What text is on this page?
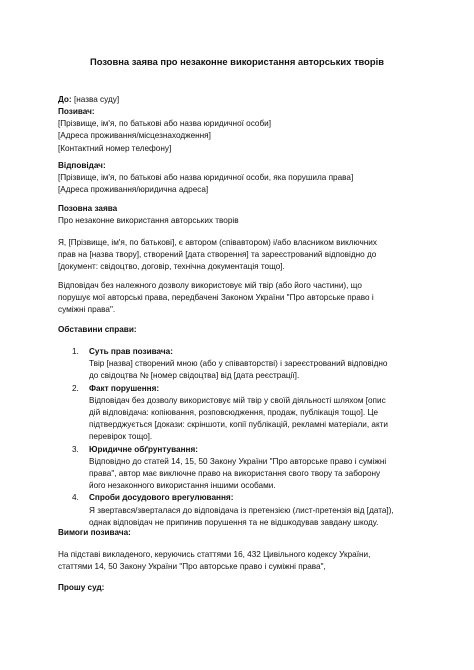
Позовна заява про незаконне використання авторських творів
До: [назва суду]
Позивач:
[Прізвище, ім'я, по батькові або назва юридичної особи]
[Адреса проживання/місцезнаходження]
[Контактний номер телефону]
Відповідач:
[Прізвище, ім'я, по батькові або назва юридичної особи, яка порушила права]
[Адреса проживання/юридична адреса]
Позовна заява
Про незаконне використання авторських творів
Я, [Прізвище, ім'я, по батькові], є автором (співавтором) і/або власником виключних
прав на [назва твору], створений [дата створення] та зареєстрований відповідно до
[документ: свідоцтво, договір, технічна документація тощо].
Відповідач без належного дозволу використовує мій твір (або його частини), що
порушує мої авторські права, передбачені Законом України "Про авторське право і
суміжні права".
Обставини справи:
1. Суть прав позивача:
Твір [назва] створений мною (або у співавторстві) і зареєстрований відповідно
до свідоцтва № [номер свідоцтва] від [дата реєстрації].
2. Факт порушення:
Відповідач без дозволу використовує мій твір у своїй діяльності шляхом [опис
дій відповідача: копіювання, розповсюдження, продаж, публікація тощо]. Це
підтверджується [докази: скріншоти, копії публікацій, рекламні матеріали, акти
перевірок тощо].
3. Юридичне обґрунтування:
Відповідно до статей 14, 15, 50 Закону України "Про авторське право і суміжні
права", автор має виключне право на використання свого твору та заборону
його незаконного використання іншими особами.
4. Спроби досудового врегулювання:
Я звертався/зверталася до відповідача із претензією (лист-претензія від [дата]),
однак відповідач не припинив порушення та не відшкодував завдану шкоду.
Вимоги позивача:
На підставі викладеного, керуючись статтями 16, 432 Цивільного кодексу України,
статтями 14, 50 Закону України "Про авторське право і суміжні права",
Прошу суд:
